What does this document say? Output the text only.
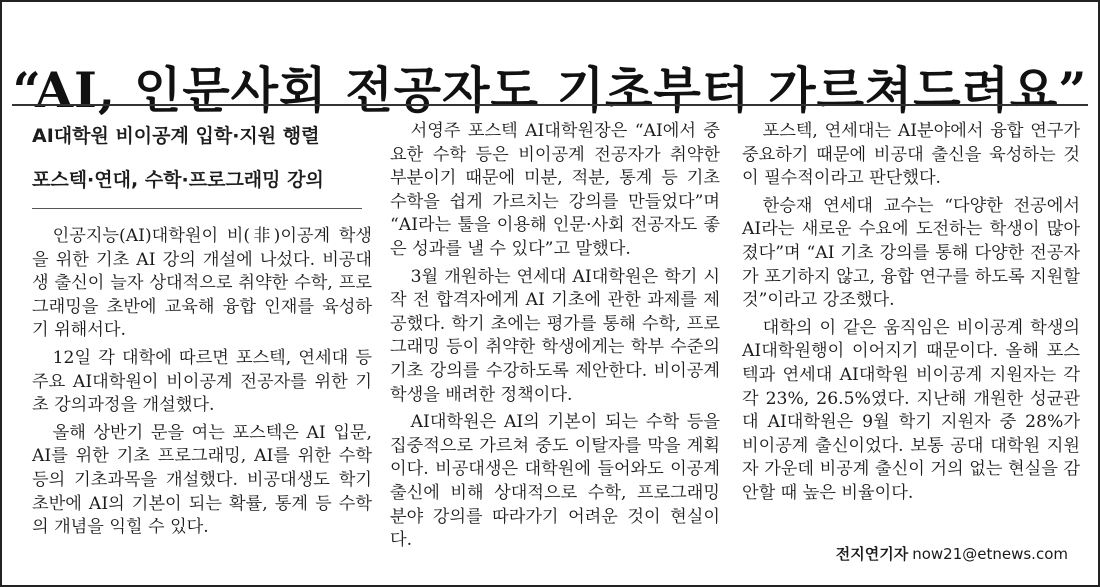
“AI, 인문사회 전공자도 기초부터 가르쳐드려요”
AI대학원 비이공계 입학·지원 행렬
포스텍·연대, 수학·프로그래밍 강의

인공지능(AI)대학원이 비(非)이공계 학생을 위한 기초 AI 강의 개설에 나섰다. 비공대생 출신이 늘자 상대적으로 취약한 수학, 프로그래밍을 초반에 교육해 융합 인재를 육성하기 위해서다.

12일 각 대학에 따르면 포스텍, 연세대 등 주요 AI대학원이 비이공계 전공자를 위한 기초 강의과정을 개설했다.

올해 상반기 문을 여는 포스텍은 AI 입문, AI를 위한 기초 프로그래밍, AI를 위한 수학 등의 기초과목을 개설했다. 비공대생도 학기 초반에 AI의 기본이 되는 확률, 통계 등 수학의 개념을 익힐 수 있다.

서영주 포스텍 AI대학원장은 “AI에서 중요한 수학 등은 비이공계 전공자가 취약한 부분이기 때문에 미분, 적분, 통계 등 기초 수학을 쉽게 가르치는 강의를 만들었다”며 “AI라는 툴을 이용해 인문·사회 전공자도 좋은 성과를 낼 수 있다”고 말했다.

3월 개원하는 연세대 AI대학원은 학기 시작 전 합격자에게 AI 기초에 관한 과제를 제공했다. 학기 초에는 평가를 통해 수학, 프로그래밍 등이 취약한 학생에게는 학부 수준의 기초 강의를 수강하도록 제안한다. 비이공계 학생을 배려한 정책이다.

AI대학원은 AI의 기본이 되는 수학 등을 집중적으로 가르쳐 중도 이탈자를 막을 계획이다. 비공대생은 대학원에 들어와도 이공계 출신에 비해 상대적으로 수학, 프로그래밍 분야 강의를 따라가기 어려운 것이 현실이다.

포스텍, 연세대는 AI분야에서 융합 연구가 중요하기 때문에 비공대 출신을 육성하는 것이 필수적이라고 판단했다.

한승재 연세대 교수는 “다양한 전공에서 AI라는 새로운 수요에 도전하는 학생이 많아졌다”며 “AI 기초 강의를 통해 다양한 전공자가 포기하지 않고, 융합 연구를 하도록 지원할 것”이라고 강조했다.

대학의 이 같은 움직임은 비이공계 학생의 AI대학원행이 이어지기 때문이다. 올해 포스텍과 연세대 AI대학원 비이공계 지원자는 각각 23%, 26.5%였다. 지난해 개원한 성균관대 AI대학원은 9월 학기 지원자 중 28%가 비이공계 출신이었다. 보통 공대 대학원 지원자 가운데 비공계 출신이 거의 없는 현실을 감안할 때 높은 비율이다.

전지연기자 now21@etnews.com
